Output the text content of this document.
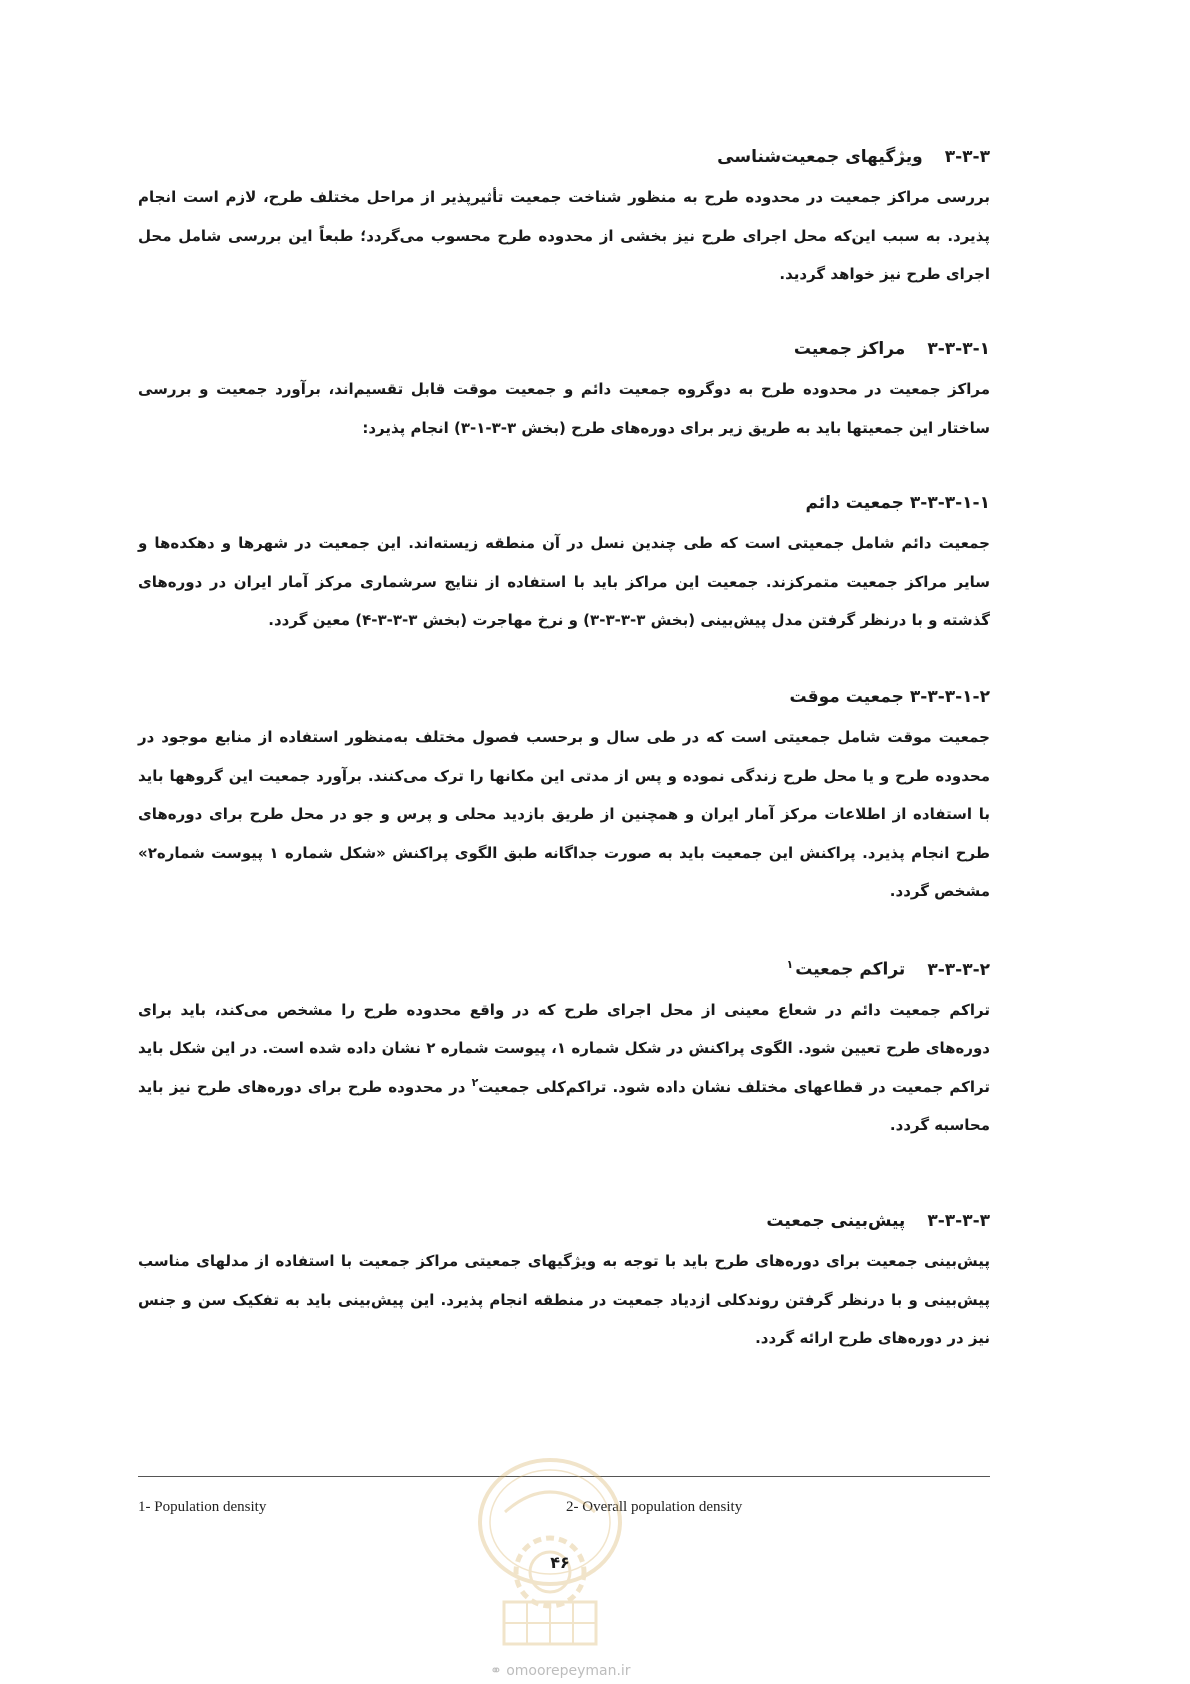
۳-۳-۳ویژگیهای جمعیت‌شناسی

بررسی مراکز جمعیت در محدوده طرح به منظور شناخت جمعیت تأثیرپذیر از مراحل مختلف طرح، لازم است انجام پذیرد. به سبب این‌که محل اجرای طرح نیز بخشی از محدوده طرح محسوب می‌گردد؛ طبعاً این بررسی شامل محل اجرای طرح نیز خواهد گردید.

۳-۳-۳-۱مراکز جمعیت

مراکز جمعیت در محدوده طرح به دوگروه جمعیت دائم و جمعیت موقت قابل تقسیم‌اند، برآورد جمعیت و بررسی ساختار این جمعیتها باید به طریق زیر برای دوره‌های طرح (بخش ۳-۳-۱-۳) انجام پذیرد:

۳-۳-۳-۱-۱جمعیت دائم

جمعیت دائم شامل جمعیتی است که طی چندین نسل در آن منطقه زیسته‌اند. این جمعیت در شهرها و دهکده‌ها و سایر مراکز جمعیت متمرکزند. جمعیت این مراکز باید با استفاده از نتایج سرشماری مرکز آمار ایران در دوره‌های گذشته و با درنظر گرفتن مدل پیش‌بینی (بخش ۳-۳-۳-۳) و نرخ مهاجرت (بخش ۳-۳-۳-۴) معین گردد.

۳-۳-۳-۱-۲جمعیت موقت

جمعیت موقت شامل جمعیتی است که در طی سال و برحسب فصول مختلف به‌منظور استفاده از منابع موجود در محدوده طرح و یا محل طرح زندگی نموده و پس از مدتی این مکانها را ترک می‌کنند. برآورد جمعیت این گروهها باید با استفاده از اطلاعات مرکز آمار ایران و همچنین از طریق بازدید محلی و پرس و جو در محل طرح برای دوره‌های طرح انجام پذیرد. پراکنش این جمعیت باید به صورت جداگانه طبق الگوی پراکنش «شکل شماره ۱ پیوست شماره۲» مشخص گردد.

۳-۳-۳-۲تراکم جمعیت$^۱$

تراکم جمعیت دائم در شعاع معینی از محل اجرای طرح که در واقع محدوده طرح را مشخص می‌کند، باید برای دوره‌های طرح تعیین شود. الگوی پراکنش در شکل شماره ۱، پیوست شماره ۲ نشان داده شده است. در این شکل باید تراکم جمعیت در قطاعهای مختلف نشان داده شود. تراکم‌کلی جمعیت$^۲$ در محدوده طرح برای دوره‌های طرح نیز باید محاسبه گردد.

۳-۳-۳-۳پیش‌بینی جمعیت

پیش‌بینی جمعیت برای دوره‌های طرح باید با توجه به ویژگیهای جمعیتی مراکز جمعیت با استفاده از مدلهای مناسب پیش‌بینی و با درنظر گرفتن روندکلی ازدیاد جمعیت در منطقه انجام پذیرد. این پیش‌بینی باید به تفکیک سن و جنس نیز در دوره‌های طرح ارائه گردد.

1- Population density	2- Overall population density
۴۶
⚭ omoorepeyman.ir
